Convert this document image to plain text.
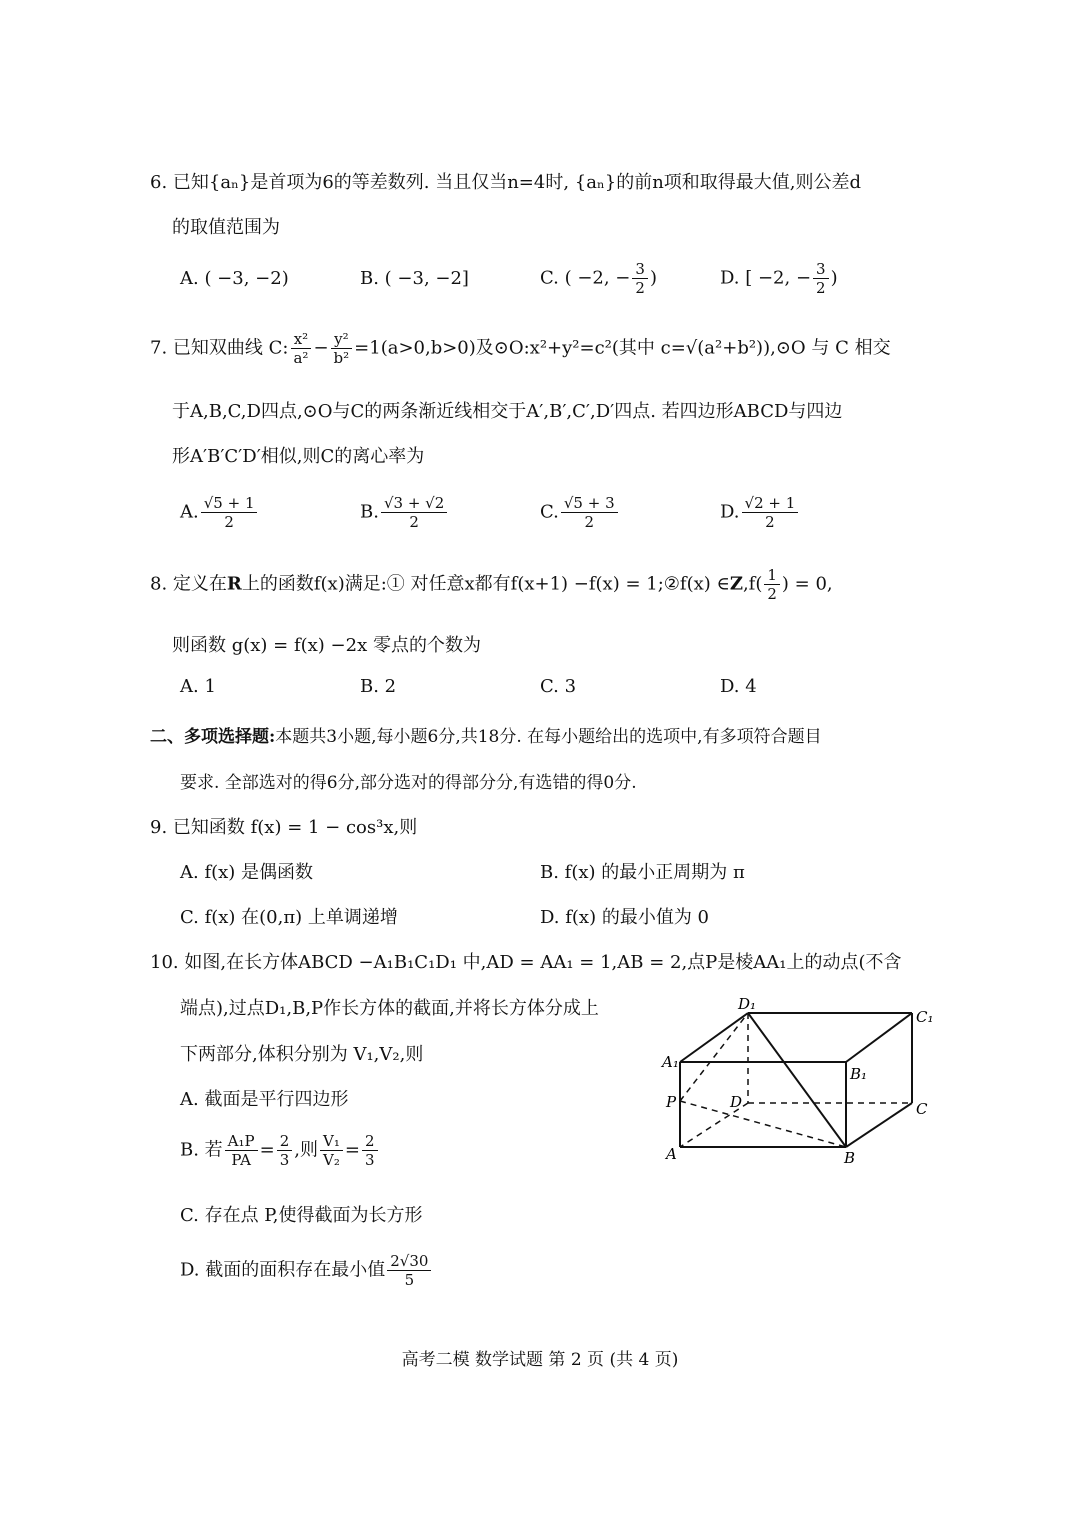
6. 已知{aₙ}是首项为6的等差数列. 当且仅当n=4时, {aₙ}的前n项和取得最大值,则公差d
的取值范围为
A. ( −3, −2)	B. ( −3, −2]	C. ( −2, − $\frac{3}{2}$ )	D. [ −2, − $\frac{3}{2}$ )
7. 已知双曲线 C: $\frac{\text{x²}}{\text{a²}} - \frac{\text{y²}}{\text{b²}} =1(a>0,b>0)$及⊙O:x²+y²=c²(其中 c=√(a²+b²)),⊙O 与 C 相交
于A,B,C,D四点,⊙O与C的两条渐近线相交于A′,B′,C′,D′四点. 若四边形ABCD与四边
形A′B′C′D′相似,则C的离心率为
A. $\frac{√5 + 1}{2}$	B. $\frac{√3 + √2}{2}$	C. $\frac{√5 + 3}{2}$	D. $\frac{√2 + 1}{2}$
8. 定义在R上的函数f(x)满足:① 对任意x都有f(x+1) −f(x) = 1;②f(x) ∈Z,f( $\frac{1}{2}$ ) = 0,
则函数 g(x) = f(x) −2x 零点的个数为
A. 1	B. 2	C. 3	D. 4
二、多项选择题:本题共3小题,每小题6分,共18分. 在每小题给出的选项中,有多项符合题目
要求. 全部选对的得6分,部分选对的得部分分,有选错的得0分.
9. 已知函数 f(x) = 1 − cos³x,则
A. f(x) 是偶函数	B. f(x) 的最小正周期为 π
C. f(x) 在(0,π) 上单调递增	D. f(x) 的最小值为 0
10. 如图,在长方体ABCD −A₁B₁C₁D₁ 中,AD = AA₁ = 1,AB = 2,点P是棱AA₁上的动点(不含
端点),过点D₁,B,P作长方体的截面,并将长方体分成上
下两部分,体积分别为 V₁,V₂,则
A. 截面是平行四边形
B. 若 $\frac{\text{A₁P}}{PA} = \frac{2}{3}$ ,则 $\frac{\text{V₁}}{\text{V₂}} = \frac{2}{3}$
C. 存在点 P,使得截面为长方形
D. 截面的面积存在最小值 $\frac{2√30}{5}$
D₁
C₁
A₁
B₁
P	D	C
A	B
高考二模 数学试题 第 2 页 (共 4 页)
